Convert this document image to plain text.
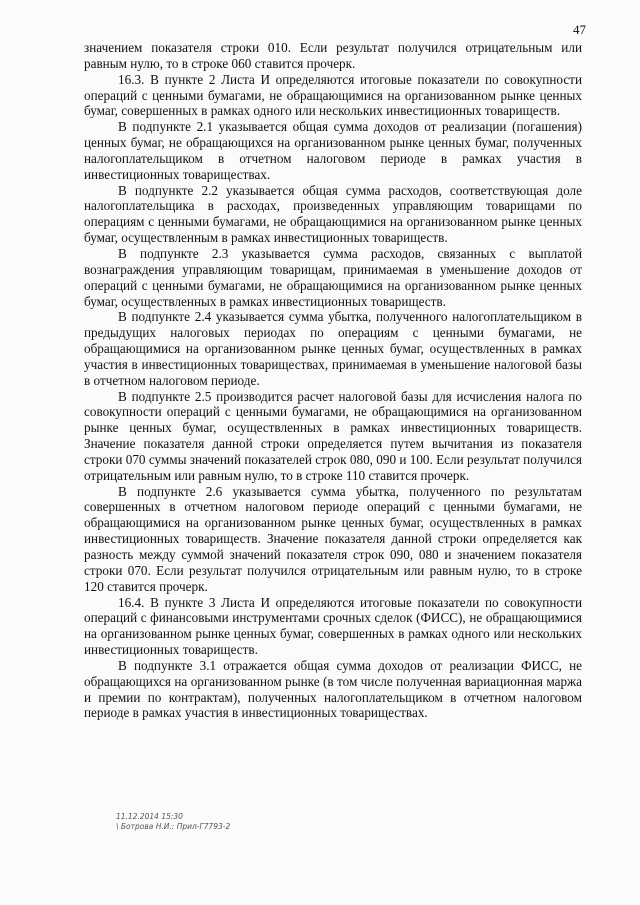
47

значением показателя строки 010. Если результат получился отрицательным или равным нулю, то в строке 060 ставится прочерк.

16.3. В пункте 2 Листа И определяются итоговые показатели по совокупности операций с ценными бумагами, не обращающимися на организованном рынке ценных бумаг, совершенных в рамках одного или нескольких инвестиционных товариществ.

В подпункте 2.1 указывается общая сумма доходов от реализации (погашения) ценных бумаг, не обращающихся на организованном рынке ценных бумаг, полученных налогоплательщиком в отчетном налоговом периоде в рамках участия в инвестиционных товариществах.

В подпункте 2.2 указывается общая сумма расходов, соответствующая доле налогоплательщика в расходах, произведенных управляющим товарищами по операциям с ценными бумагами, не обращающимися на организованном рынке ценных бумаг, осуществленным в рамках инвестиционных товариществ.

В подпункте 2.3 указывается сумма расходов, связанных с выплатой вознаграждения управляющим товарищам, принимаемая в уменьшение доходов от операций с ценными бумагами, не обращающимися на организованном рынке ценных бумаг, осуществленных в рамках инвестиционных товариществ.

В подпункте 2.4 указывается сумма убытка, полученного налогоплательщиком в предыдущих налоговых периодах по операциям с ценными бумагами, не обращающимися на организованном рынке ценных бумаг, осуществленных в рамках участия в инвестиционных товариществах, принимаемая в уменьшение налоговой базы в отчетном налоговом периоде.

В подпункте 2.5 производится расчет налоговой базы для исчисления налога по совокупности операций с ценными бумагами, не обращающимися на организованном рынке ценных бумаг, осуществленных в рамках инвестиционных товариществ. Значение показателя данной строки определяется путем вычитания из показателя строки 070 суммы значений показателей строк 080, 090 и 100. Если результат получился отрицательным или равным нулю, то в строке 110 ставится прочерк.

В подпункте 2.6 указывается сумма убытка, полученного по результатам совершенных в отчетном налоговом периоде операций с ценными бумагами, не обращающимися на организованном рынке ценных бумаг, осуществленных в рамках инвестиционных товариществ. Значение показателя данной строки определяется как разность между суммой значений показателя строк 090, 080 и значением показателя строки 070. Если результат получился отрицательным или равным нулю, то в строке 120 ставится прочерк.

16.4. В пункте 3 Листа И определяются итоговые показатели по совокупности операций с финансовыми инструментами срочных сделок (ФИСС), не обращающимися на организованном рынке ценных бумаг, совершенных в рамках одного или нескольких инвестиционных товариществ.

В подпункте 3.1 отражается общая сумма доходов от реализации ФИСС, не обращающихся на организованном рынке (в том числе полученная вариационная маржа и премии по контрактам), полученных налогоплательщиком в отчетном налоговом периоде в рамках участия в инвестиционных товариществах.

11.12.2014 15:30
\ Ботрова Н.И.: Прил-Г7793-2
